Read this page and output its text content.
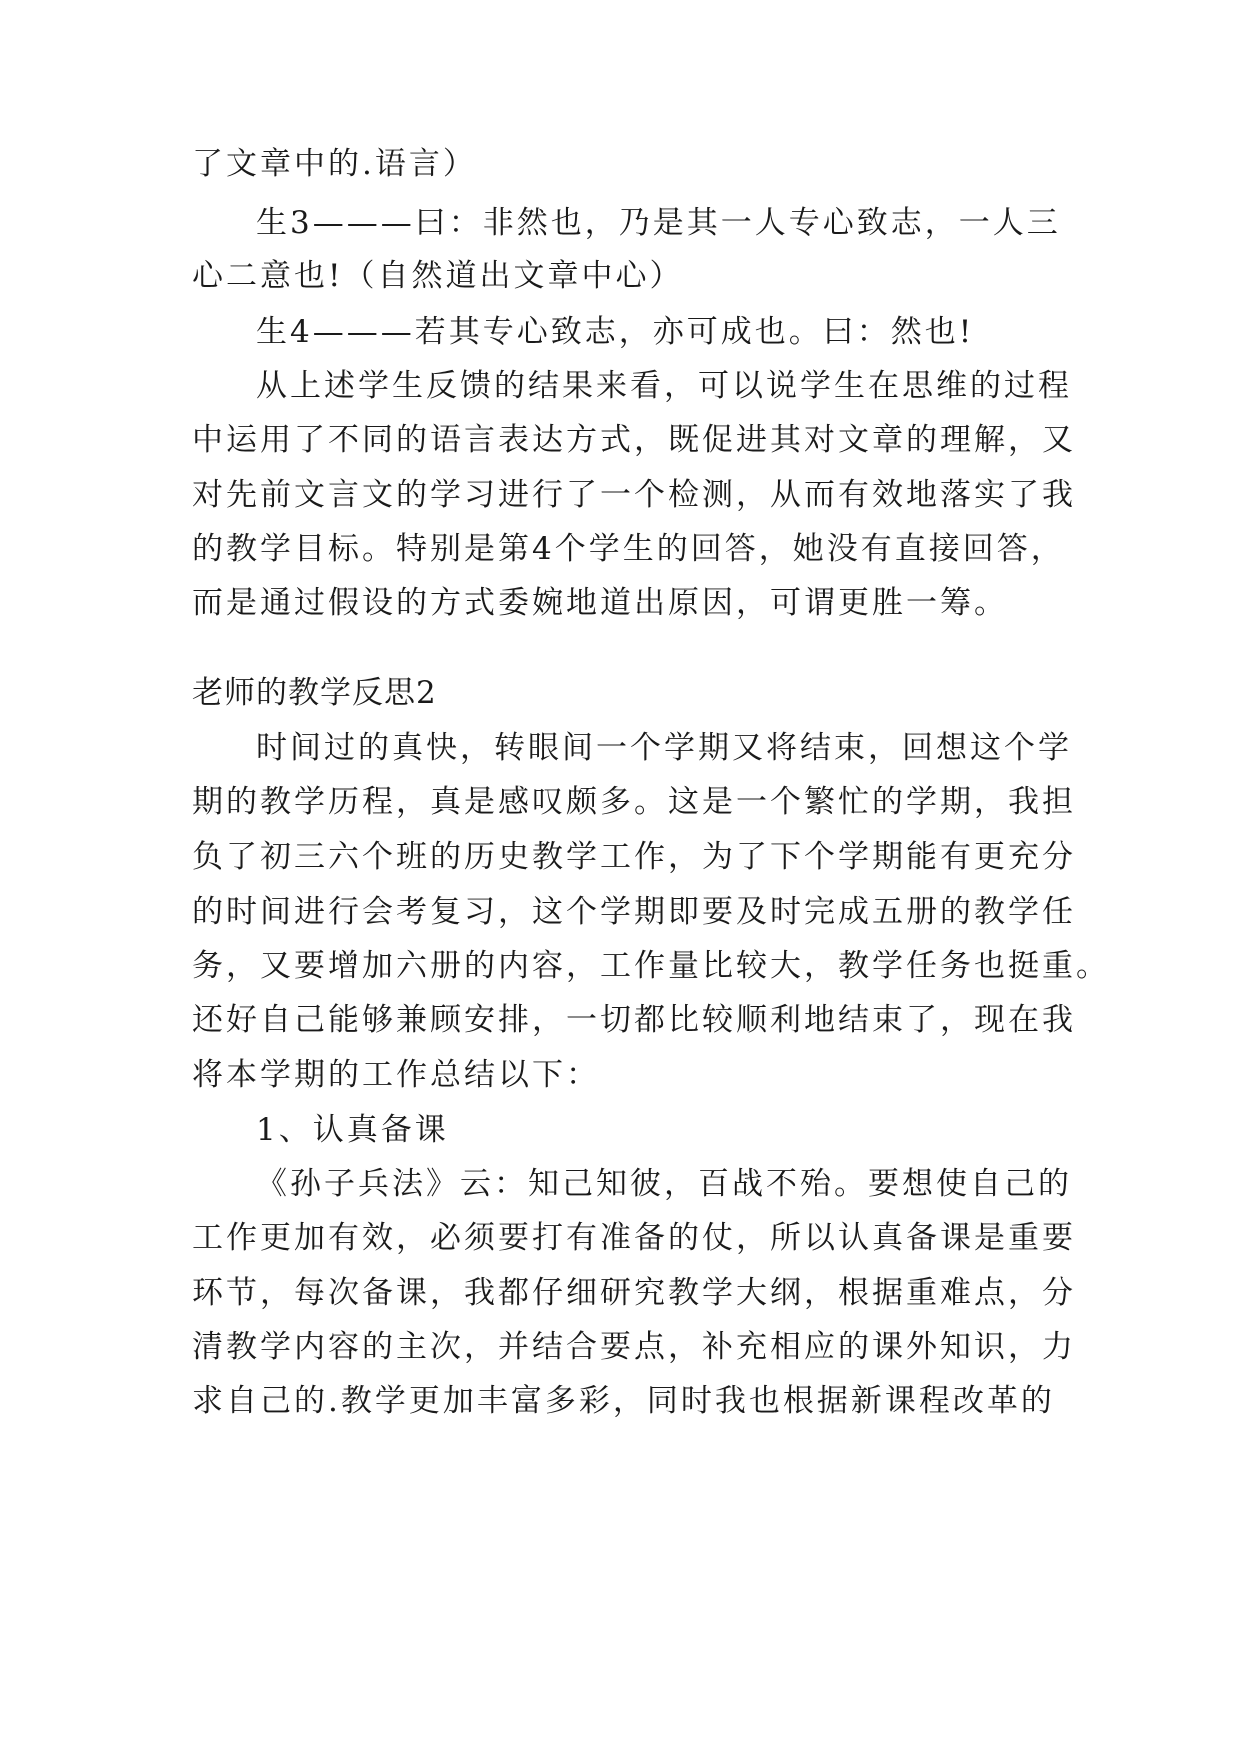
了文章中的.语言）
生3———曰：非然也，乃是其一人专心致志，一人三
心二意也!（自然道出文章中心）
生4———若其专心致志，亦可成也。曰：然也!
从上述学生反馈的结果来看，可以说学生在思维的过程
中运用了不同的语言表达方式，既促进其对文章的理解，又
对先前文言文的学习进行了一个检测，从而有效地落实了我
的教学目标。特别是第4个学生的回答，她没有直接回答，
而是通过假设的方式委婉地道出原因，可谓更胜一筹。
老师的教学反思2
时间过的真快，转眼间一个学期又将结束，回想这个学
期的教学历程，真是感叹颇多。这是一个繁忙的学期，我担
负了初三六个班的历史教学工作，为了下个学期能有更充分
的时间进行会考复习，这个学期即要及时完成五册的教学任
务，又要增加六册的内容，工作量比较大，教学任务也挺重。
还好自己能够兼顾安排，一切都比较顺利地结束了，现在我
将本学期的工作总结以下：
1、认真备课
《孙子兵法》云：知己知彼，百战不殆。要想使自己的
工作更加有效，必须要打有准备的仗，所以认真备课是重要
环节，每次备课，我都仔细研究教学大纲，根据重难点，分
清教学内容的主次，并结合要点，补充相应的课外知识，力
求自己的.教学更加丰富多彩，同时我也根据新课程改革的
